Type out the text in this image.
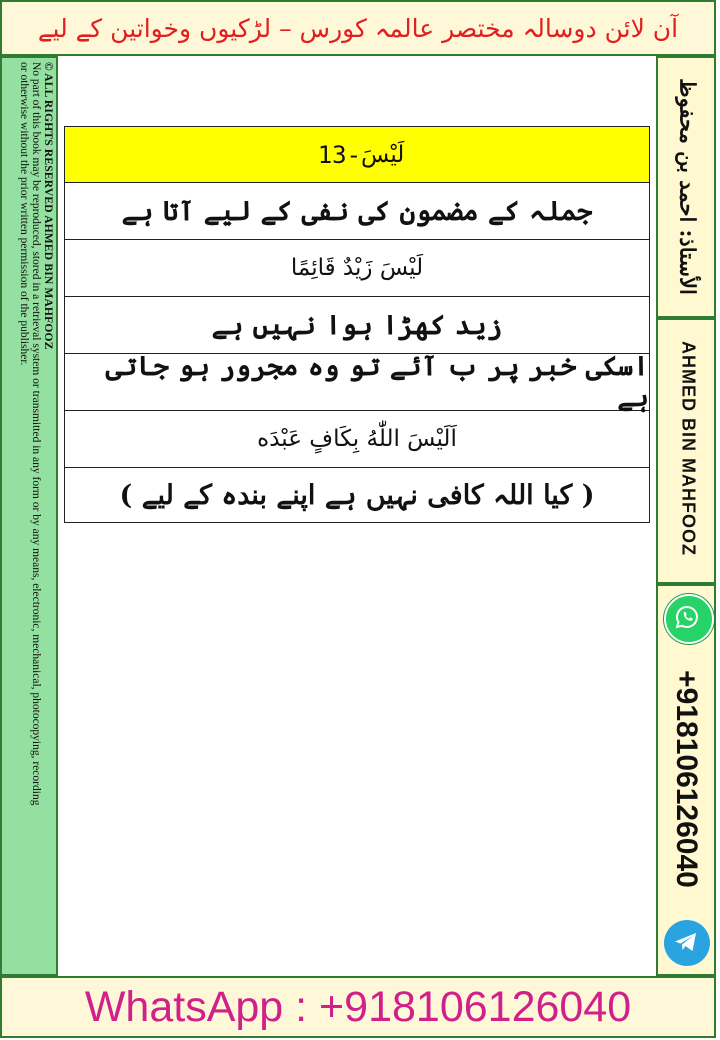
آن لائن دوسالہ مختصر عالمہ کورس – لڑکیوں وخواتین کے لیے
© ALL RIGHTS RESERVED AHMED BIN MAHFOOZ
No part of this book may be reproduced, stored in a retrieval system or transmitted in any form or by any means, electronic, mechanical, photocopying, recording
or otherwise without the prior written permission of the publisher.	لَيْسَ
13-
جملہ کے مضمون کی نفی کے لیے آتا ہے
لَيْسَ زَيْدٌ قَائِمًا
زید کھڑا ہوا نہیں ہے
اسکی خبر پر ب آئے تو وہ مجرور ہو جاتی ہے
اَلَيْسَ اللّٰهُ بِكَافٍ عَبْدَه
( کیا اللہ کافی نہیں ہے اپنے بندہ کے لیے )
الأستاذ: احمد بن محفوظ
AHMED BIN MAHFOOZ
+918106126040
WhatsApp : +918106126040
